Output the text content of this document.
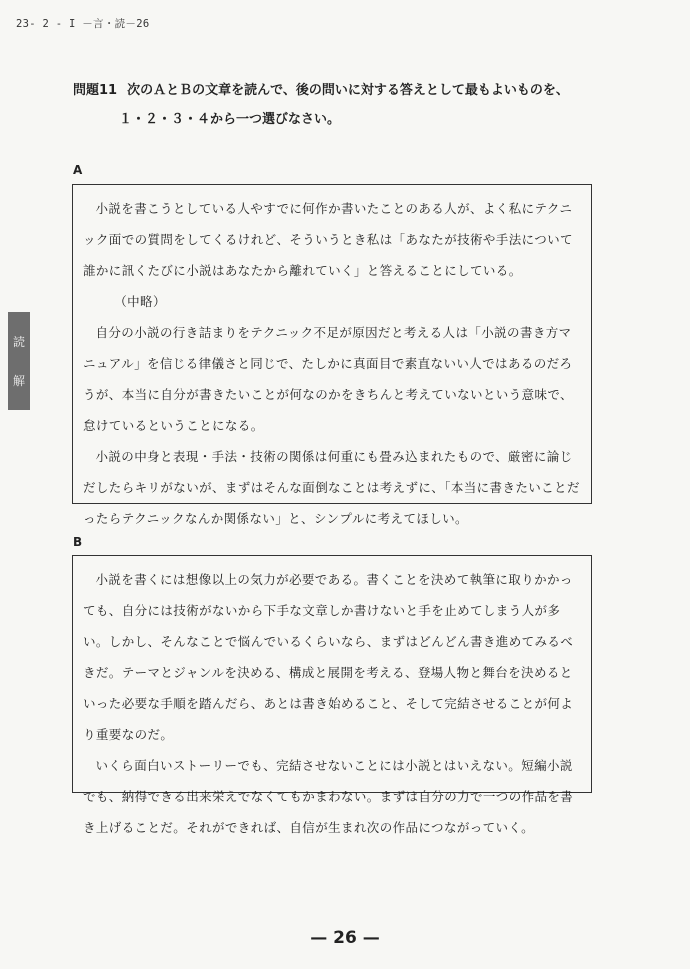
23- 2 - I －言・読－26
読
解
問題11 次のＡとＢの文章を読んで、後の問いに対する答えとして最もよいものを、
１・２・３・４から一つ選びなさい。
A

小説を書こうとしている人やすでに何作か書いたことのある人が、よく私にテクニック面での質問をしてくるけれど、そういうとき私は「あなたが技術や手法について誰かに訊くたびに小説はあなたから離れていく」と答えることにしている。

（中略）

自分の小説の行き詰まりをテクニック不足が原因だと考える人は「小説の書き方マニュアル」を信じる律儀さと同じで、たしかに真面目で素直ないい人ではあるのだろうが、本当に自分が書きたいことが何なのかをきちんと考えていないという意味で、怠けているということになる。

小説の中身と表現・手法・技術の関係は何重にも畳み込まれたもので、厳密に論じだしたらキリがないが、まずはそんな面倒なことは考えずに、「本当に書きたいことだったらテクニックなんか関係ない」と、シンプルに考えてほしい。

B

小説を書くには想像以上の気力が必要である。書くことを決めて執筆に取りかかっても、自分には技術がないから下手な文章しか書けないと手を止めてしまう人が多い。しかし、そんなことで悩んでいるくらいなら、まずはどんどん書き進めてみるべきだ。テーマとジャンルを決める、構成と展開を考える、登場人物と舞台を決めるといった必要な手順を踏んだら、あとは書き始めること、そして完結させることが何より重要なのだ。

いくら面白いストーリーでも、完結させないことには小説とはいえない。短編小説でも、納得できる出来栄えでなくてもかまわない。まずは自分の力で一つの作品を書き上げることだ。それができれば、自信が生まれ次の作品につながっていく。

— 26 —
